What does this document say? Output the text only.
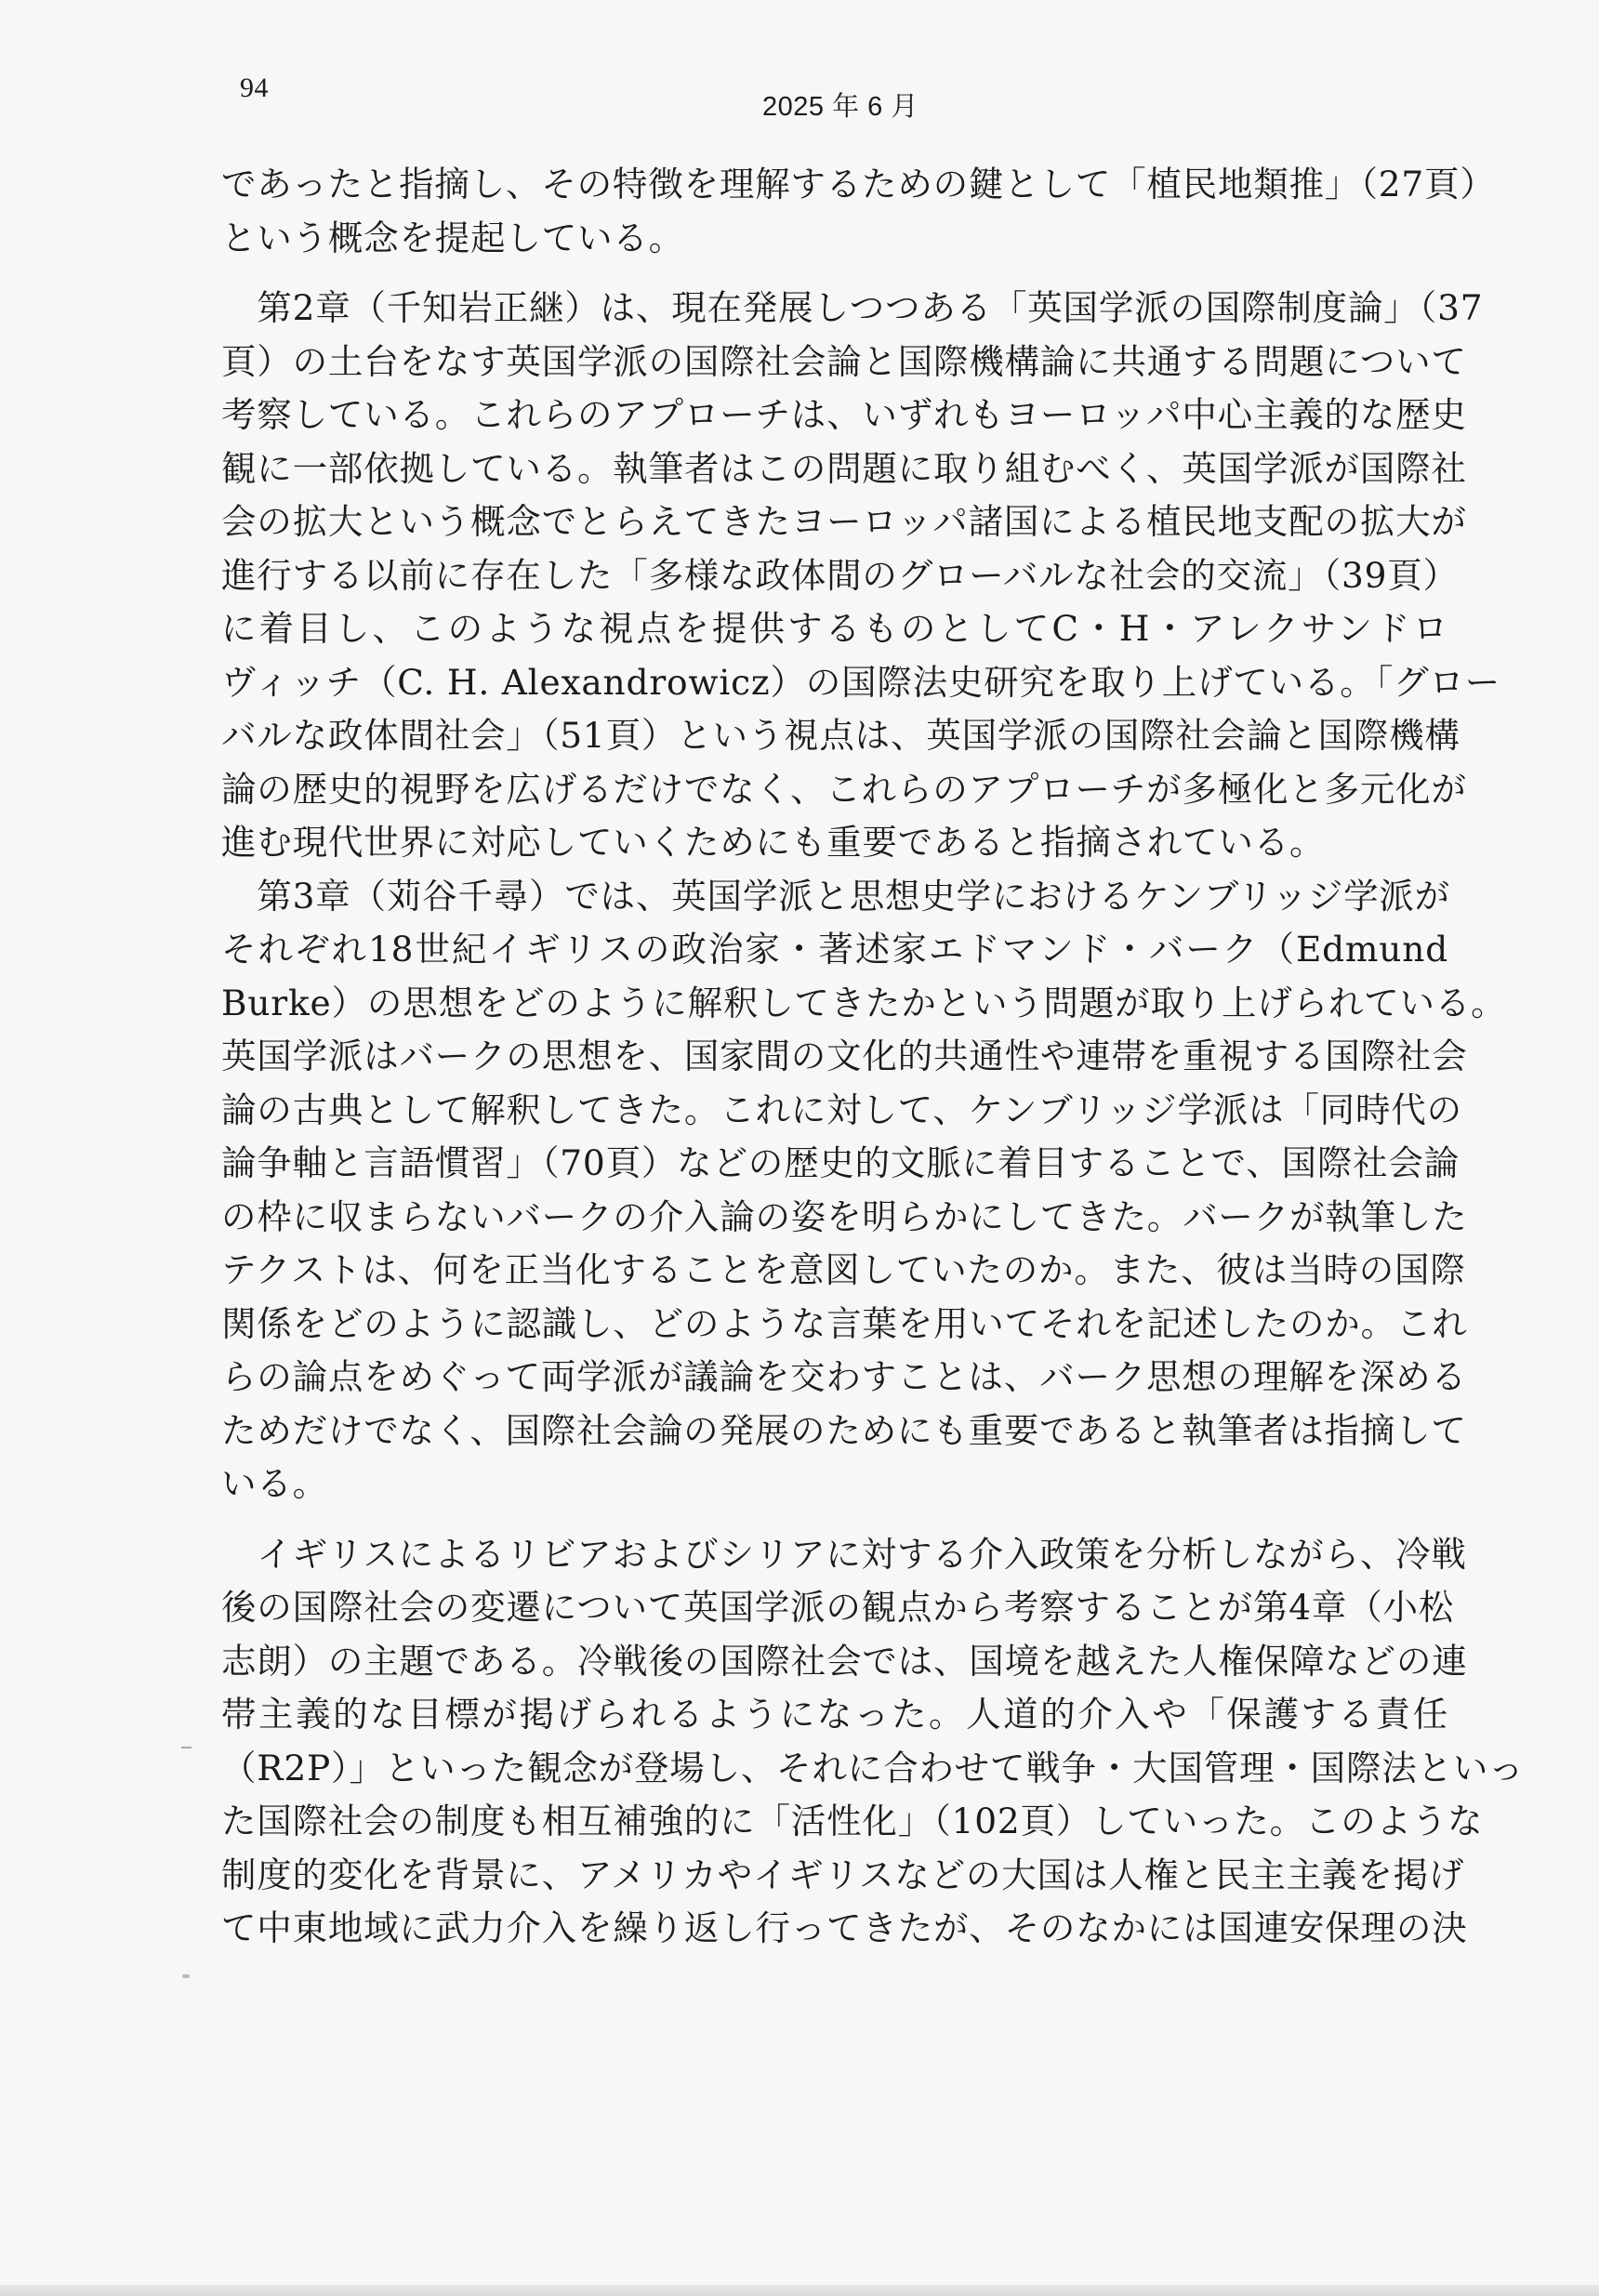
94
2025 年 6 月
であったと指摘し、その特徴を理解するための鍵として「植民地類推」（27頁）
という概念を提起している。
　第2章（千知岩正継）は、現在発展しつつある「英国学派の国際制度論」（37
頁）の土台をなす英国学派の国際社会論と国際機構論に共通する問題について
考察している。これらのアプローチは、いずれもヨーロッパ中心主義的な歴史
観に一部依拠している。執筆者はこの問題に取り組むべく、英国学派が国際社
会の拡大という概念でとらえてきたヨーロッパ諸国による植民地支配の拡大が
進行する以前に存在した「多様な政体間のグローバルな社会的交流」（39頁）
に着目し、このような視点を提供するものとしてC・H・アレクサンドロ
ヴィッチ（C. H. Alexandrowicz）の国際法史研究を取り上げている。「グロー
バルな政体間社会」（51頁）という視点は、英国学派の国際社会論と国際機構
論の歴史的視野を広げるだけでなく、これらのアプローチが多極化と多元化が
進む現代世界に対応していくためにも重要であると指摘されている。
　第3章（苅谷千尋）では、英国学派と思想史学におけるケンブリッジ学派が
それぞれ18世紀イギリスの政治家・著述家エドマンド・バーク（Edmund
Burke）の思想をどのように解釈してきたかという問題が取り上げられている。
英国学派はバークの思想を、国家間の文化的共通性や連帯を重視する国際社会
論の古典として解釈してきた。これに対して、ケンブリッジ学派は「同時代の
論争軸と言語慣習」（70頁）などの歴史的文脈に着目することで、国際社会論
の枠に収まらないバークの介入論の姿を明らかにしてきた。バークが執筆した
テクストは、何を正当化することを意図していたのか。また、彼は当時の国際
関係をどのように認識し、どのような言葉を用いてそれを記述したのか。これ
らの論点をめぐって両学派が議論を交わすことは、バーク思想の理解を深める
ためだけでなく、国際社会論の発展のためにも重要であると執筆者は指摘して
いる。
　イギリスによるリビアおよびシリアに対する介入政策を分析しながら、冷戦
後の国際社会の変遷について英国学派の観点から考察することが第4章（小松
志朗）の主題である。冷戦後の国際社会では、国境を越えた人権保障などの連
帯主義的な目標が掲げられるようになった。人道的介入や「保護する責任
（R2P）」といった観念が登場し、それに合わせて戦争・大国管理・国際法といっ
た国際社会の制度も相互補強的に「活性化」（102頁）していった。このような
制度的変化を背景に、アメリカやイギリスなどの大国は人権と民主主義を掲げ
て中東地域に武力介入を繰り返し行ってきたが、そのなかには国連安保理の決
